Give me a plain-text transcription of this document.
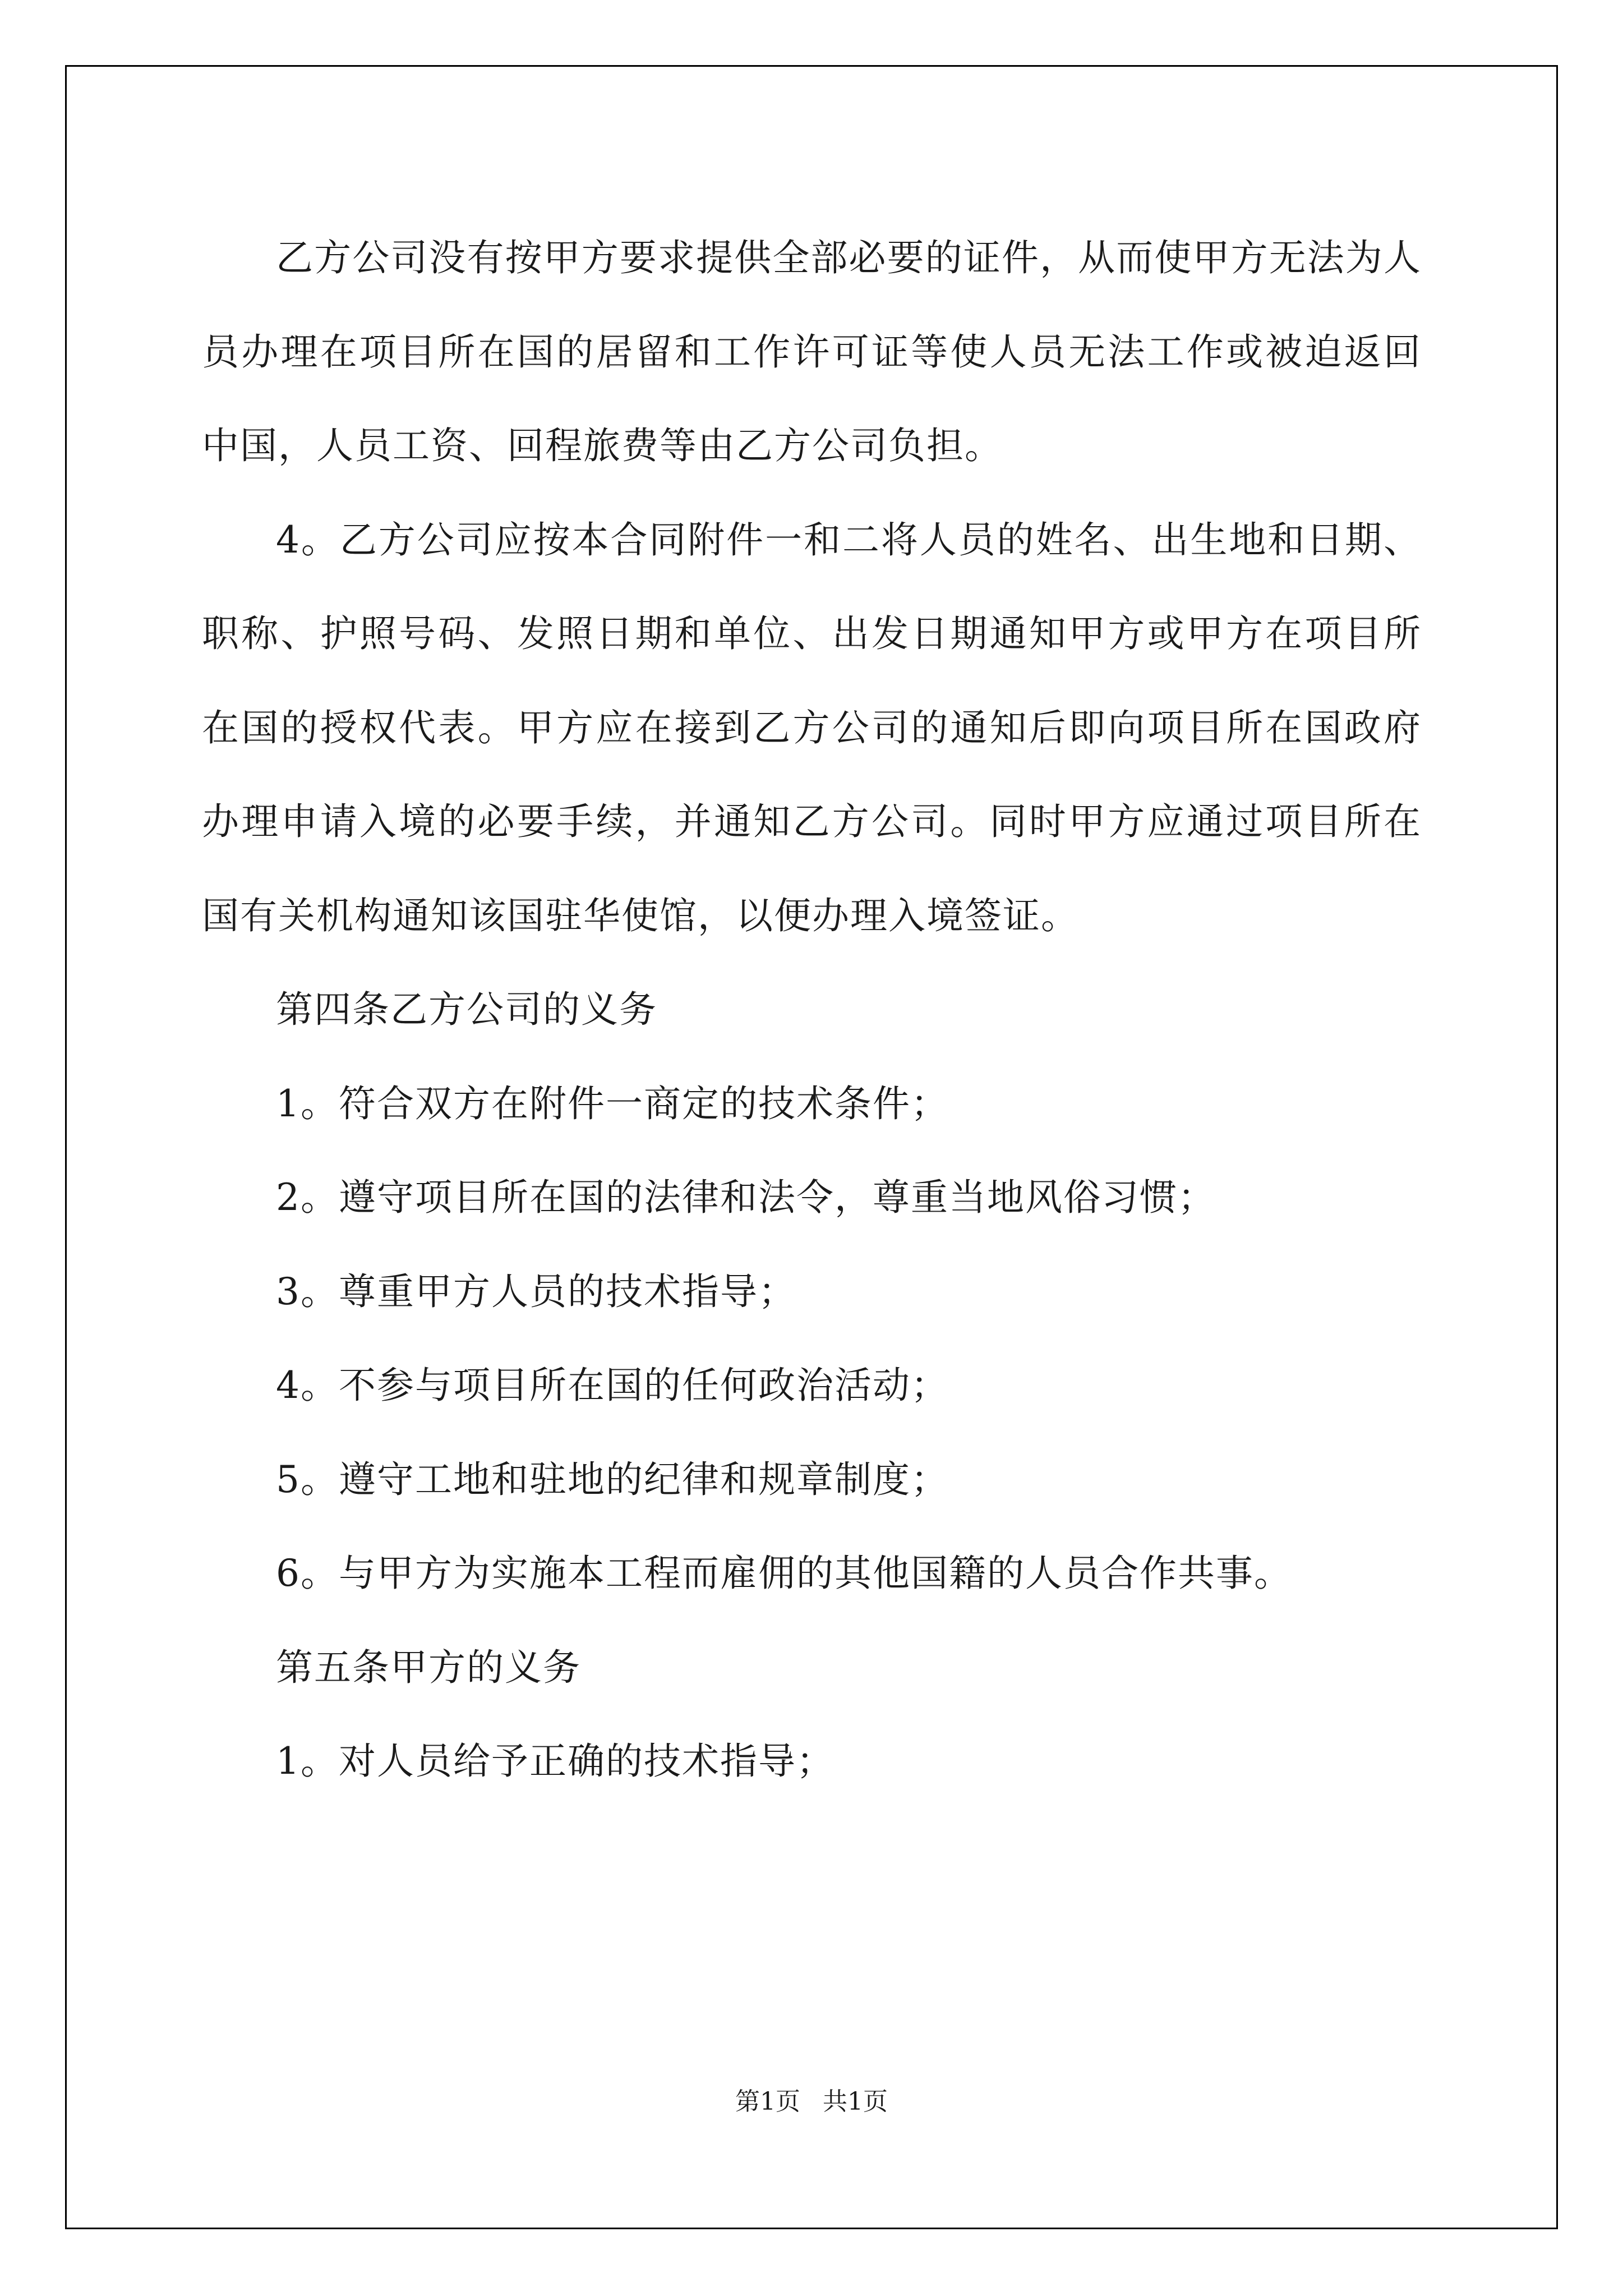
乙方公司没有按甲方要求提供全部必要的证件，从而使甲方无法为人员办理在项目所在国的居留和工作许可证等使人员无法工作或被迫返回中国，人员工资、回程旅费等由乙方公司负担。

4。乙方公司应按本合同附件一和二将人员的姓名、出生地和日期、职称、护照号码、发照日期和单位、出发日期通知甲方或甲方在项目所在国的授权代表。甲方应在接到乙方公司的通知后即向项目所在国政府办理申请入境的必要手续，并通知乙方公司。同时甲方应通过项目所在国有关机构通知该国驻华使馆，以便办理入境签证。

第四条乙方公司的义务

1。符合双方在附件一商定的技术条件；

2。遵守项目所在国的法律和法令，尊重当地风俗习惯；

3。尊重甲方人员的技术指导；

4。不参与项目所在国的任何政治活动；

5。遵守工地和驻地的纪律和规章制度；

6。与甲方为实施本工程而雇佣的其他国籍的人员合作共事。

第五条甲方的义务

1。对人员给予正确的技术指导；

第1页 共1页
